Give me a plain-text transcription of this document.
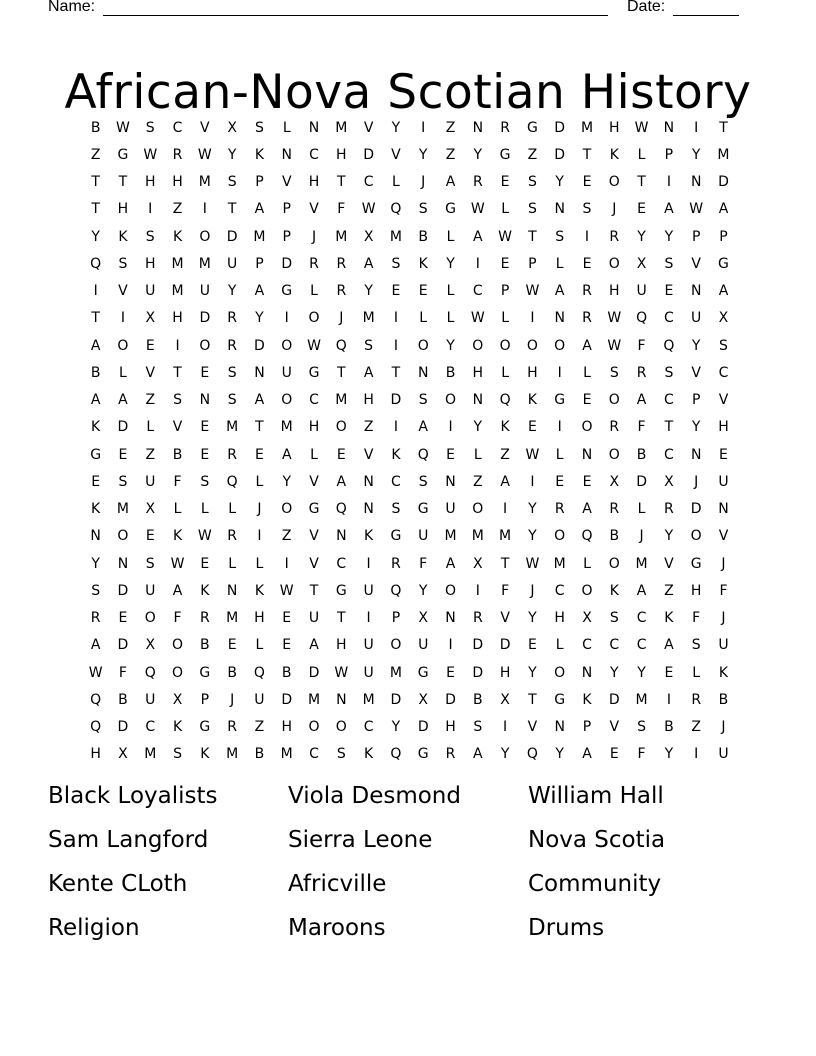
Name:	Date:
African-Nova Scotian History
B	W	S	C	V	X	S	L	N	M	V	Y	I	Z	N	R	G	D	M	H	W	N	I	T
Z	G	W	R	W	Y	K	N	C	H	D	V	Y	Z	Y	G	Z	D	T	K	L	P	Y	M
T	T	H	H	M	S	P	V	H	T	C	L	J	A	R	E	S	Y	E	O	T	I	N	D
T	H	I	Z	I	T	A	P	V	F	W	Q	S	G	W	L	S	N	S	J	E	A	W	A
Y	K	S	K	O	D	M	P	J	M	X	M	B	L	A	W	T	S	I	R	Y	Y	P	P
Q	S	H	M	M	U	P	D	R	R	A	S	K	Y	I	E	P	L	E	O	X	S	V	G
I	V	U	M	U	Y	A	G	L	R	Y	E	E	L	C	P	W	A	R	H	U	E	N	A
T	I	X	H	D	R	Y	I	O	J	M	I	L	L	W	L	I	N	R	W	Q	C	U	X
A	O	E	I	O	R	D	O	W	Q	S	I	O	Y	O	O	O	O	A	W	F	Q	Y	S
B	L	V	T	E	S	N	U	G	T	A	T	N	B	H	L	H	I	L	S	R	S	V	C
A	A	Z	S	N	S	A	O	C	M	H	D	S	O	N	Q	K	G	E	O	A	C	P	V
K	D	L	V	E	M	T	M	H	O	Z	I	A	I	Y	K	E	I	O	R	F	T	Y	H
G	E	Z	B	E	R	E	A	L	E	V	K	Q	E	L	Z	W	L	N	O	B	C	N	E
E	S	U	F	S	Q	L	Y	V	A	N	C	S	N	Z	A	I	E	E	X	D	X	J	U
K	M	X	L	L	L	J	O	G	Q	N	S	G	U	O	I	Y	R	A	R	L	R	D	N
N	O	E	K	W	R	I	Z	V	N	K	G	U	M	M	M	Y	O	Q	B	J	Y	O	V
Y	N	S	W	E	L	L	I	V	C	I	R	F	A	X	T	W	M	L	O	M	V	G	J
S	D	U	A	K	N	K	W	T	G	U	Q	Y	O	I	F	J	C	O	K	A	Z	H	F
R	E	O	F	R	M	H	E	U	T	I	P	X	N	R	V	Y	H	X	S	C	K	F	J
A	D	X	O	B	E	L	E	A	H	U	O	U	I	D	D	E	L	C	C	C	A	S	U
W	F	Q	O	G	B	Q	B	D	W	U	M	G	E	D	H	Y	O	N	Y	Y	E	L	K
Q	B	U	X	P	J	U	D	M	N	M	D	X	D	B	X	T	G	K	D	M	I	R	B
Q	D	C	K	G	R	Z	H	O	O	C	Y	D	H	S	I	V	N	P	V	S	B	Z	J
H	X	M	S	K	M	B	M	C	S	K	Q	G	R	A	Y	Q	Y	A	E	F	Y	I	U
Black Loyalists	Viola Desmond	William Hall
Sam Langford	Sierra Leone	Nova Scotia
Kente CLoth	Africville	Community
Religion	Maroons	Drums
